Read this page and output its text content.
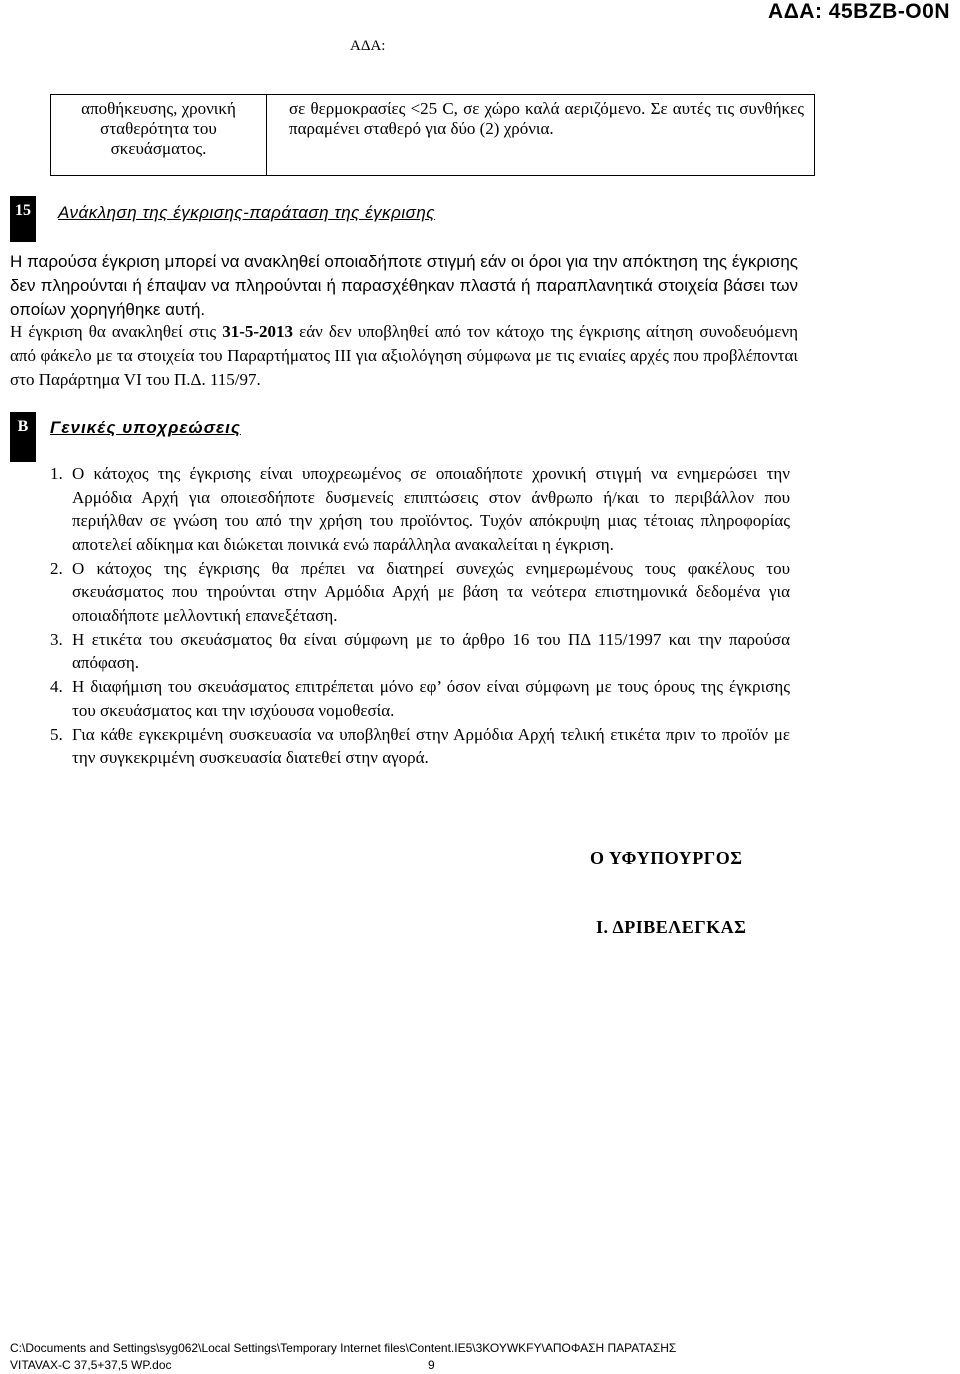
ΑΔΑ: 45ΒΖΒ-Ο0Ν
ΑΔΑ:
αποθήκευσης, χρονική σταθερότητα του σκευάσματος.	σε θερμοκρασίες <25 C, σε χώρο καλά αεριζόμενο. Σε αυτές τις συνθήκες παραμένει σταθερό για δύο (2) χρόνια.
15 Ανάκληση της έγκρισης-παράταση της έγκρισης
Η παρούσα έγκριση μπορεί να ανακληθεί οποιαδήποτε στιγμή εάν οι όροι για την απόκτηση της έγκρισης δεν πληρούνται ή έπαψαν να πληρούνται ή παρασχέθηκαν πλαστά ή παραπλανητικά στοιχεία βάσει των οποίων χορηγήθηκε αυτή.
Η έγκριση θα ανακληθεί στις 31-5-2013 εάν δεν υποβληθεί από τον κάτοχο της έγκρισης αίτηση συνοδευόμενη από φάκελο με τα στοιχεία του Παραρτήματος ΙΙΙ για αξιολόγηση σύμφωνα με τις ενιαίες αρχές που προβλέπονται στο Παράρτημα VI του Π.Δ. 115/97.
Β Γενικές υποχρεώσεις
1. Ο κάτοχος της έγκρισης είναι υποχρεωμένος σε οποιαδήποτε χρονική στιγμή να ενημερώσει την Αρμόδια Αρχή για οποιεσδήποτε δυσμενείς επιπτώσεις στον άνθρωπο ή/και το περιβάλλον που περιήλθαν σε γνώση του από την χρήση του προϊόντος. Τυχόν απόκρυψη μιας τέτοιας πληροφορίας αποτελεί αδίκημα και διώκεται ποινικά ενώ παράλληλα ανακαλείται η έγκριση.
2. Ο κάτοχος της έγκρισης θα πρέπει να διατηρεί συνεχώς ενημερωμένους τους φακέλους του σκευάσματος που τηρούνται στην Αρμόδια Αρχή με βάση τα νεότερα επιστημονικά δεδομένα για οποιαδήποτε μελλοντική επανεξέταση.
3. Η ετικέτα του σκευάσματος θα είναι σύμφωνη με το άρθρο 16 του ΠΔ 115/1997 και την παρούσα απόφαση.
4. Η διαφήμιση του σκευάσματος επιτρέπεται μόνο εφ’ όσον είναι σύμφωνη με τους όρους της έγκρισης του σκευάσματος και την ισχύουσα νομοθεσία.
5. Για κάθε εγκεκριμένη συσκευασία να υποβληθεί στην Αρμόδια Αρχή τελική ετικέτα πριν το προϊόν με την συγκεκριμένη συσκευασία διατεθεί στην αγορά.
Ο ΥΦΥΠΟΥΡΓΟΣ
Ι. ΔΡΙΒΕΛΕΓΚΑΣ
C:\Documents and Settings\syg062\Local Settings\Temporary Internet files\Content.IE5\3ΚΟΥWKFY\ΑΠΟΦΑΣΗ ΠΑΡΑΤΑΣΗΣ
VITAVAX-C 37,5+37,5 WP.doc	9
